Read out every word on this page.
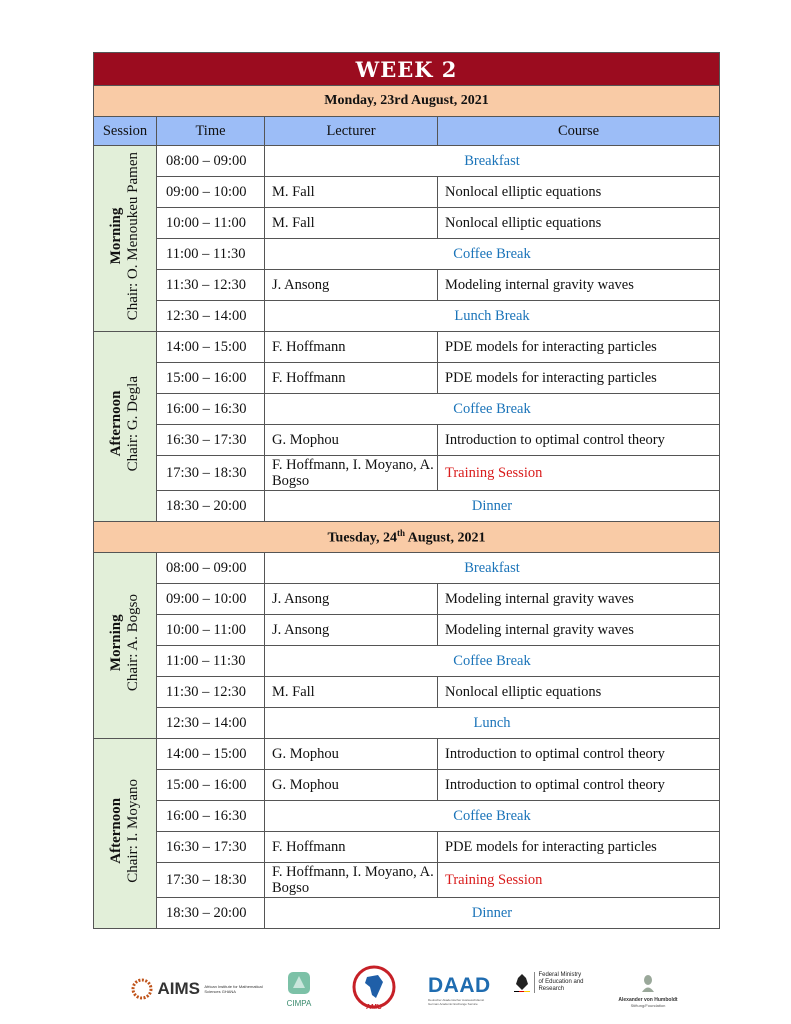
WEEK 2			
Monday, 23rd August, 2021			
Session	Time	Lecturer	Course
Morning
Chair: O. Menoukeu Pamen	08:00 – 09:00	Breakfast	
	09:00 – 10:00	M. Fall	Nonlocal elliptic equations
	10:00 – 11:00	M. Fall	Nonlocal elliptic equations
	11:00 – 11:30	Coffee Break	
	11:30 – 12:30	J. Ansong	Modeling internal gravity waves
	12:30 – 14:00	Lunch Break	
Afternoon
Chair: G. Degla	14:00 – 15:00	F. Hoffmann	PDE models for interacting particles
	15:00 – 16:00	F. Hoffmann	PDE models for interacting particles
	16:00 – 16:30	Coffee Break	
	16:30 – 17:30	G. Mophou	Introduction to optimal control theory
	17:30 – 18:30	F. Hoffmann, I. Moyano, A. Bogso	Training Session
	18:30 – 20:00	Dinner	
Tuesday, 24th August, 2021			
Morning
Chair: A. Bogso	08:00 – 09:00	Breakfast	
	09:00 – 10:00	J. Ansong	Modeling internal gravity waves
	10:00 – 11:00	J. Ansong	Modeling internal gravity waves
	11:00 – 11:30	Coffee Break	
	11:30 – 12:30	M. Fall	Nonlocal elliptic equations
	12:30 – 14:00	Lunch	
Afternoon
Chair: I. Moyano	14:00 – 15:00	G. Mophou	Introduction to optimal control theory
	15:00 – 16:00	G. Mophou	Introduction to optimal control theory
	16:00 – 16:30	Coffee Break	
	16:30 – 17:30	F. Hoffmann	PDE models for interacting particles
	17:30 – 18:30	F. Hoffmann, I. Moyano, A. Bogso	Training Session
	18:30 – 20:00	Dinner	
AIMS African Institute for Mathematical Sciences GHANA
CIMPA	AMU
DAAD
Deutscher Akademischer Austauschdienst German Academic Exchange Service
Federal Ministry of Education and Research
Alexander von Humboldt
Stiftung/Foundation
